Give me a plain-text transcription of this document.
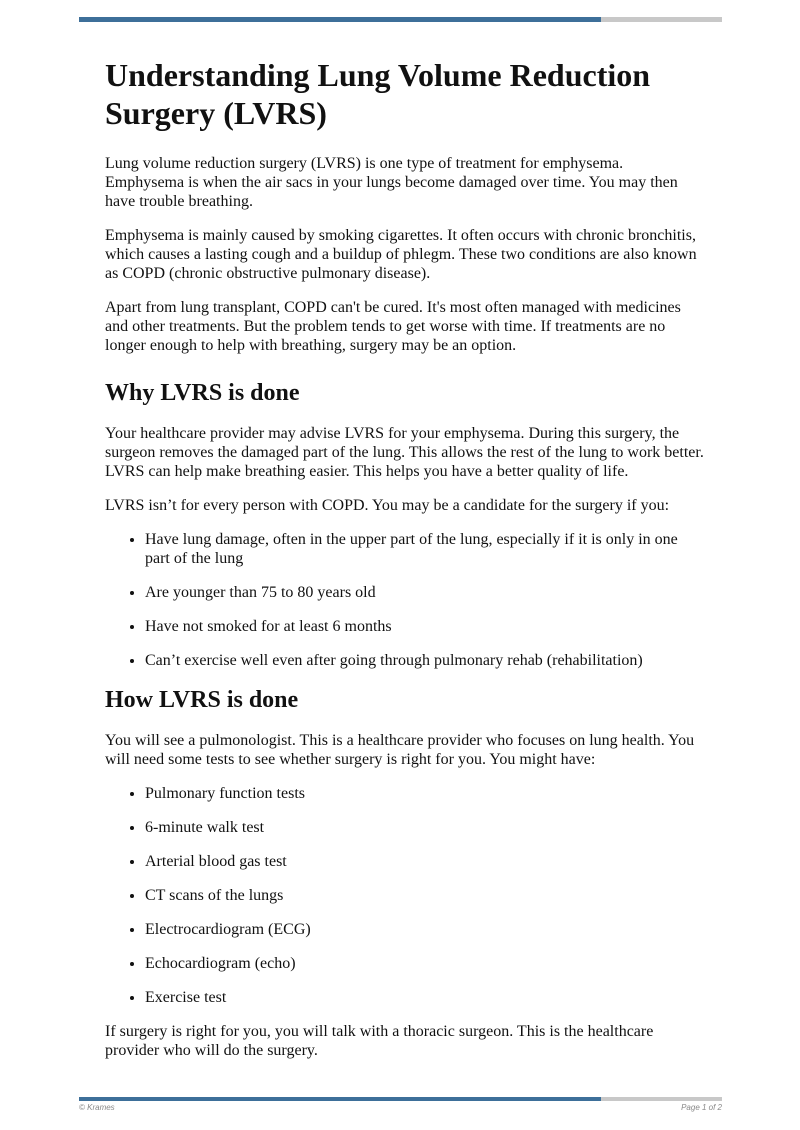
Understanding Lung Volume Reduction Surgery (LVRS)

Lung volume reduction surgery (LVRS) is one type of treatment for emphysema. Emphysema is when the air sacs in your lungs become damaged over time. You may then have trouble breathing.

Emphysema is mainly caused by smoking cigarettes. It often occurs with chronic bronchitis, which causes a lasting cough and a buildup of phlegm. These two conditions are also known as COPD (chronic obstructive pulmonary disease).

Apart from lung transplant, COPD can't be cured. It's most often managed with medicines and other treatments. But the problem tends to get worse with time. If treatments are no longer enough to help with breathing, surgery may be an option.

Why LVRS is done

Your healthcare provider may advise LVRS for your emphysema. During this surgery, the surgeon removes the damaged part of the lung. This allows the rest of the lung to work better. LVRS can help make breathing easier. This helps you have a better quality of life.

LVRS isn’t for every person with COPD. You may be a candidate for the surgery if you:

• Have lung damage, often in the upper part of the lung, especially if it is only in one part of the lung
• Are younger than 75 to 80 years old
• Have not smoked for at least 6 months
• Can’t exercise well even after going through pulmonary rehab (rehabilitation)
How LVRS is done

You will see a pulmonologist. This is a healthcare provider who focuses on lung health. You will need some tests to see whether surgery is right for you. You might have:

• Pulmonary function tests
• 6-minute walk test
• Arterial blood gas test
• CT scans of the lungs
• Electrocardiogram (ECG)
• Echocardiogram (echo)
• Exercise test

If surgery is right for you, you will talk with a thoracic surgeon. This is the healthcare provider who will do the surgery.

© Krames	Page 1 of 2
